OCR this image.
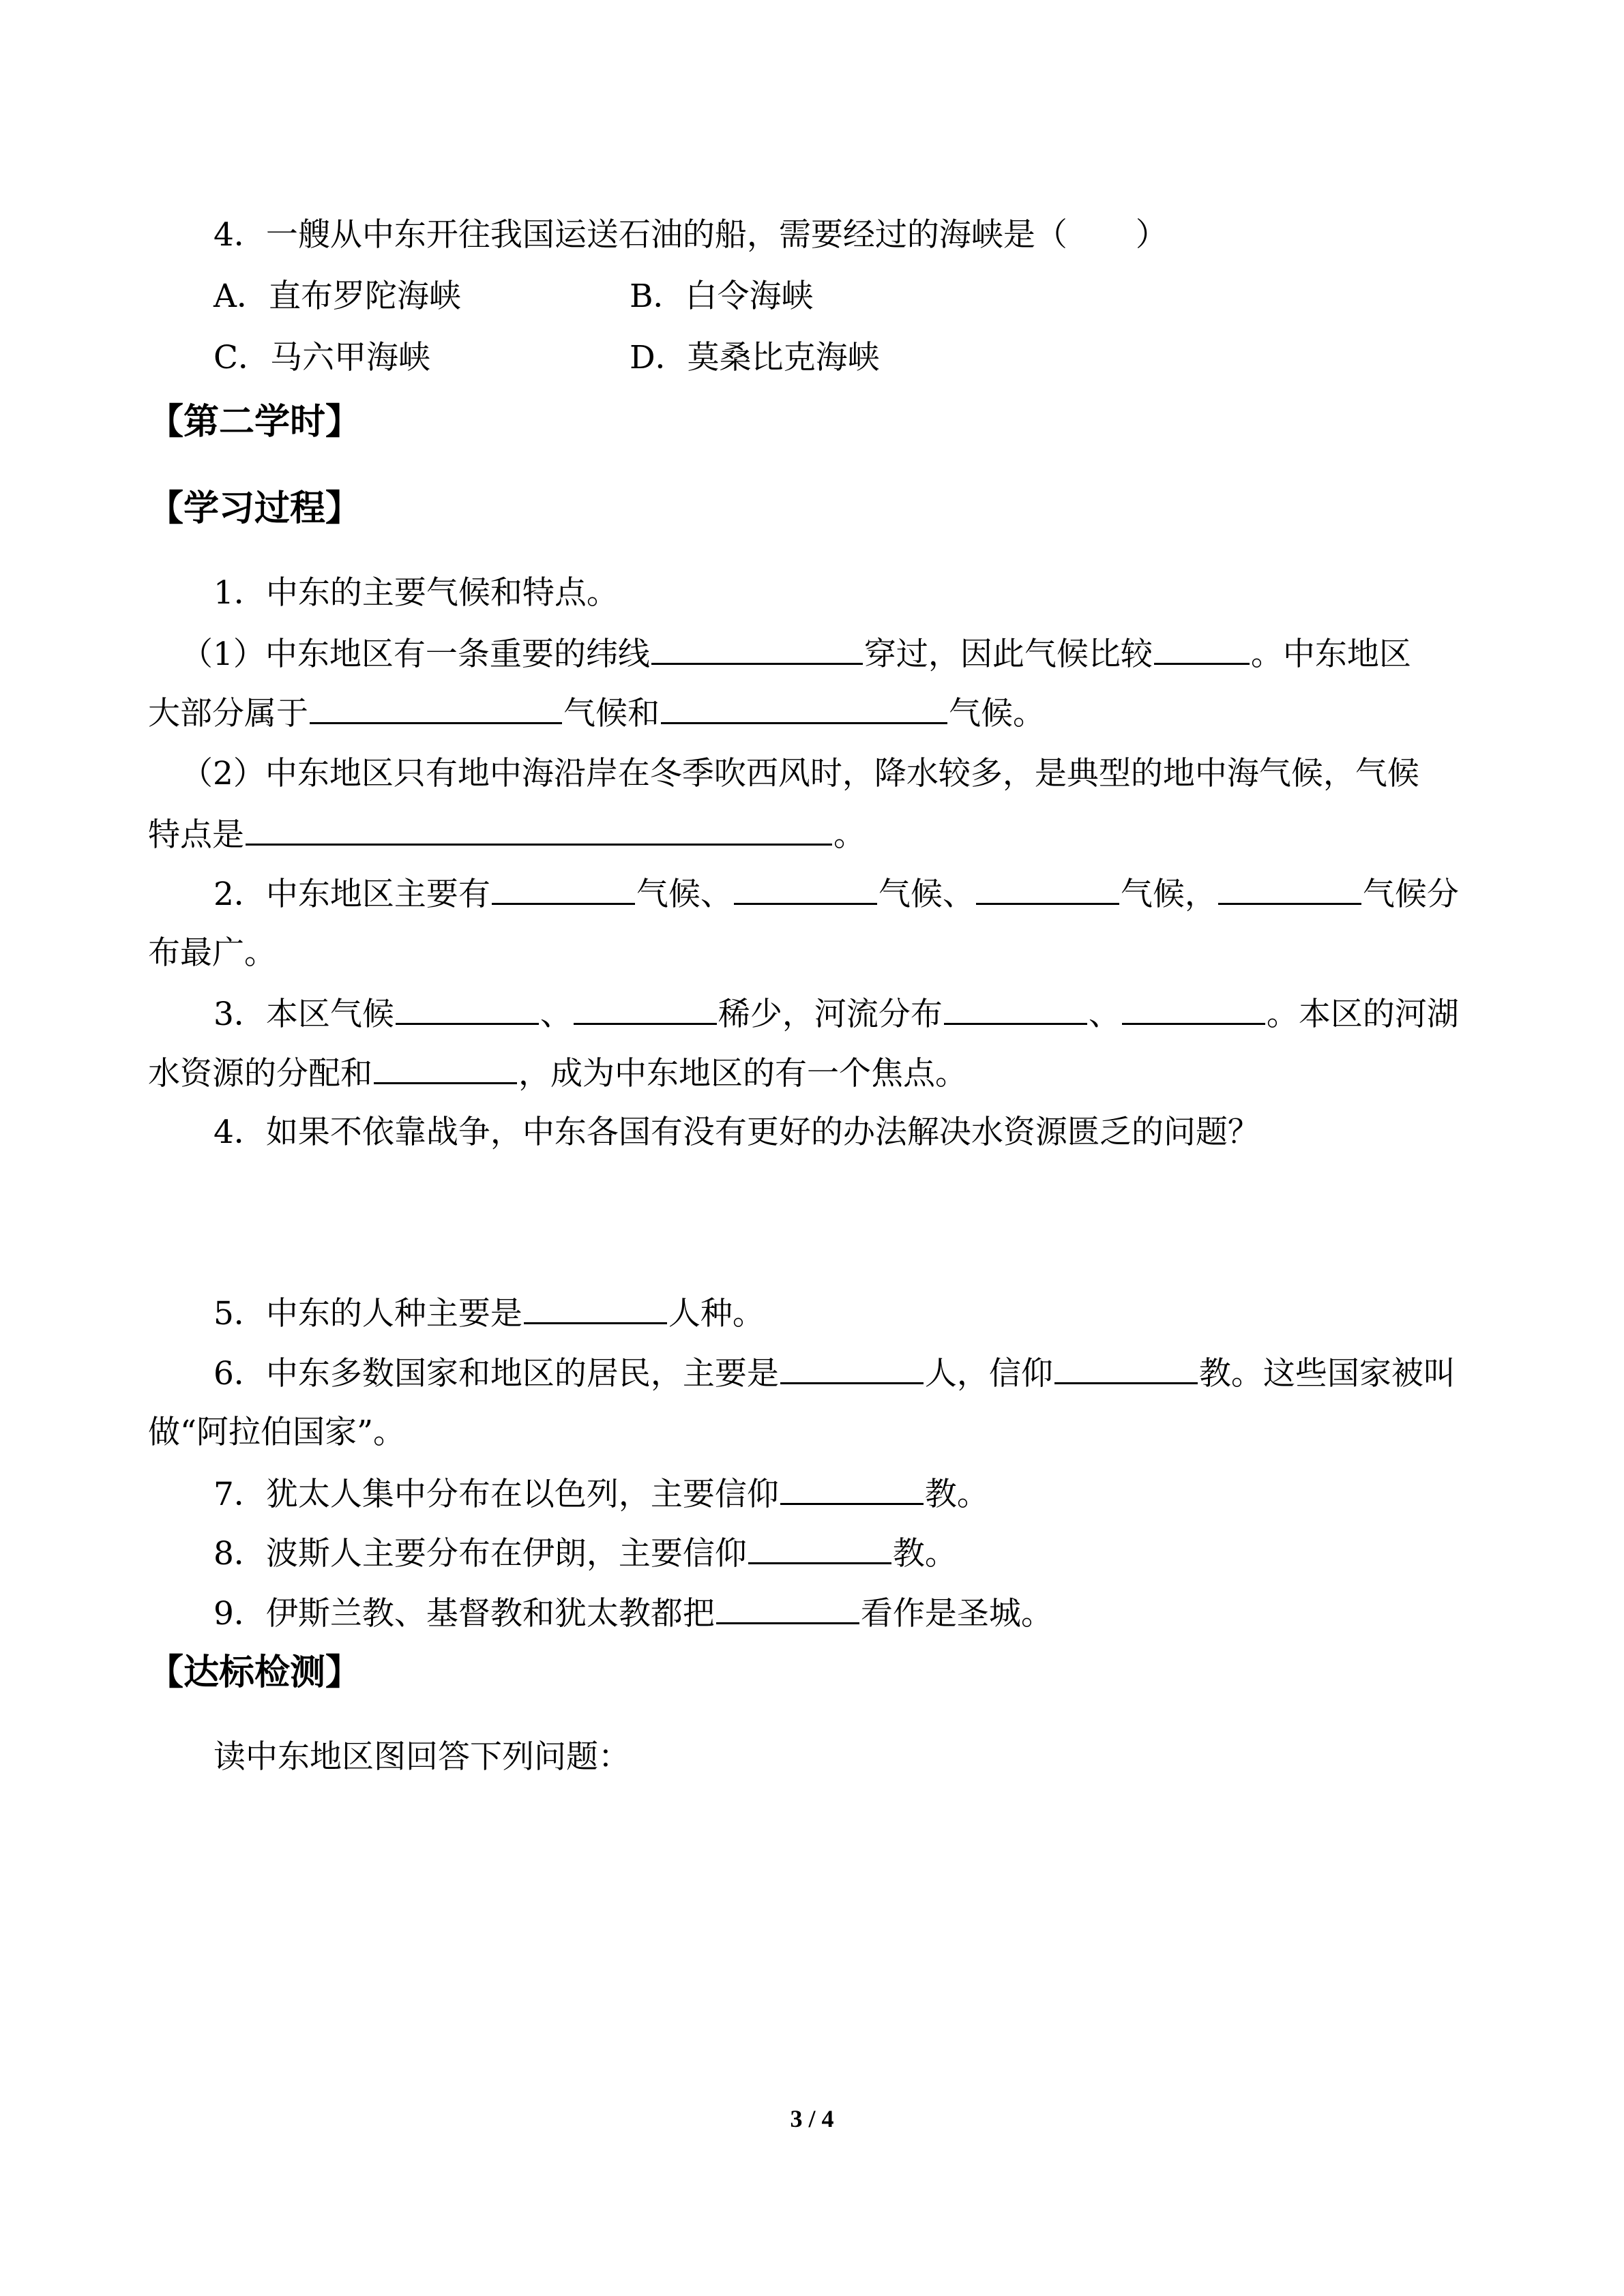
4．一艘从中东开往我国运送石油的船，需要经过的海峡是（ ）
A．直布罗陀海峡	B．白令海峡
C．马六甲海峡	D．莫桑比克海峡
【第二学时】
【学习过程】
1．中东的主要气候和特点。
（1）中东地区有一条重要的纬线	穿过，因此气候比较	。中东地区
大部分属于	气候和	气候。
（2）中东地区只有地中海沿岸在冬季吹西风时，降水较多，是典型的地中海气候，气候
特点是	。
2．中东地区主要有	气候、	气候、	气候，	气候分
布最广。
3．本区气候	、	稀少，河流分布	、	。本区的河湖
水资源的分配和	，成为中东地区的有一个焦点。
4．如果不依靠战争，中东各国有没有更好的办法解决水资源匮乏的问题？
5．中东的人种主要是	人种。
6．中东多数国家和地区的居民，主要是	人，信仰	教。这些国家被叫
做“阿拉伯国家”。
7．犹太人集中分布在以色列，主要信仰	教。
8．波斯人主要分布在伊朗，主要信仰	教。
9．伊斯兰教、基督教和犹太教都把	看作是圣城。
【达标检测】
读中东地区图回答下列问题：
3 / 4
